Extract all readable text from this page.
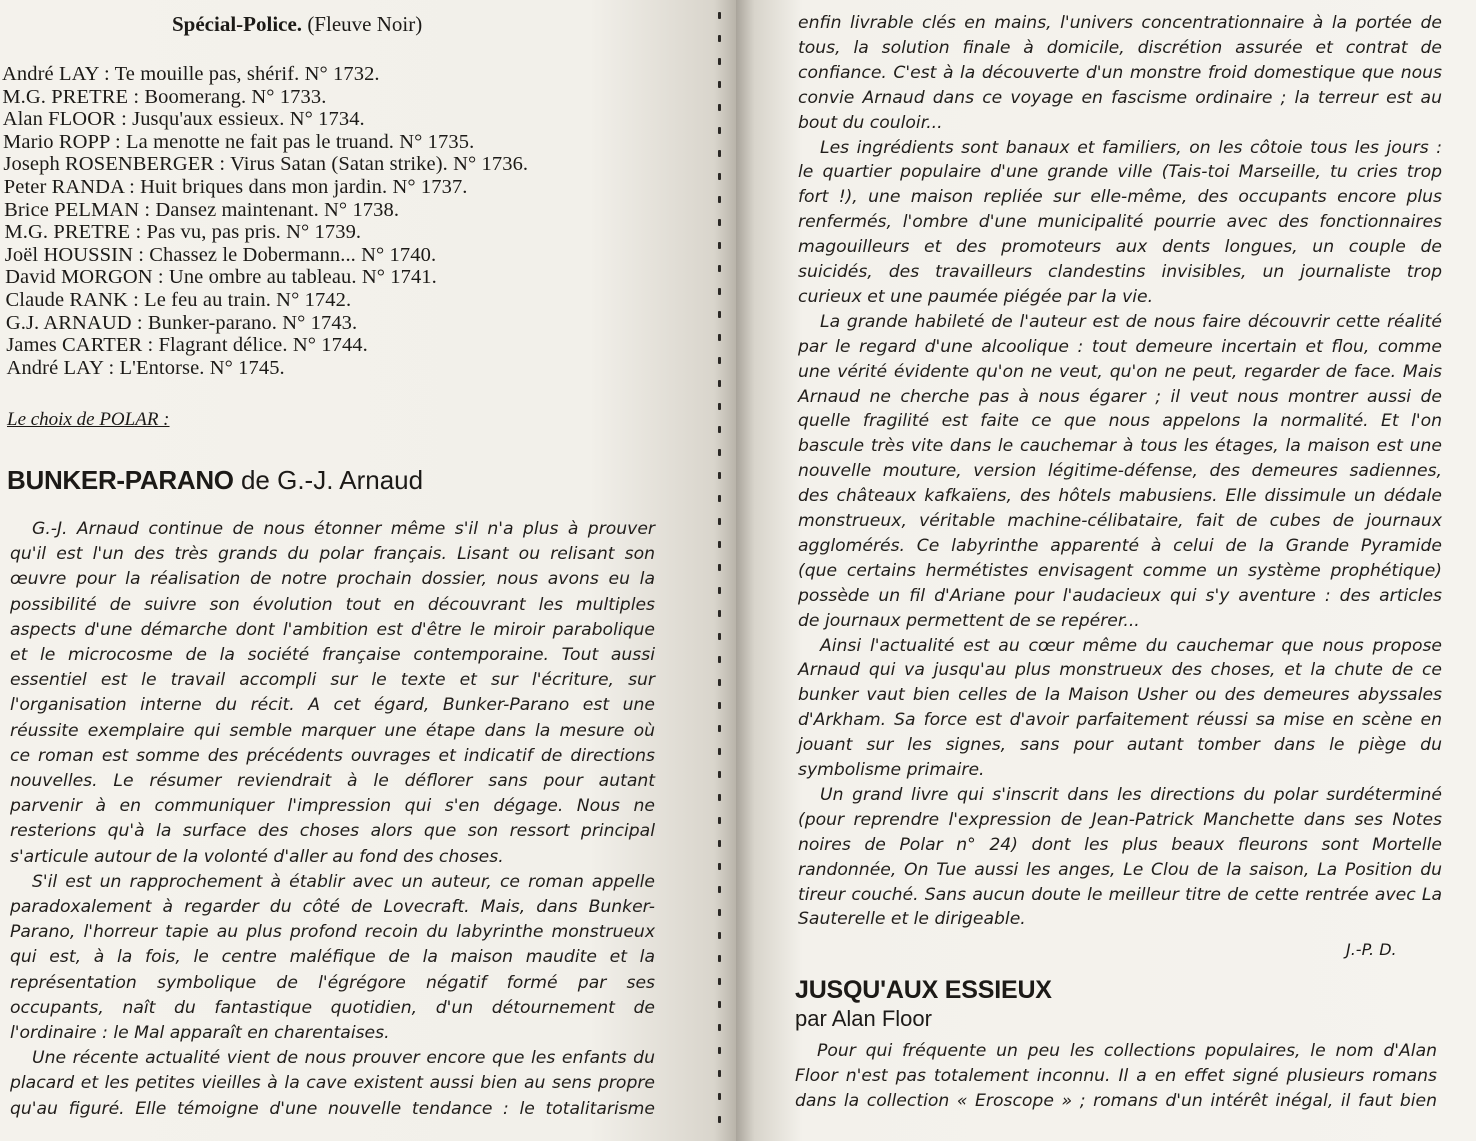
Spécial-Police. (Fleuve Noir)
André LAY : Te mouille pas, shérif. N° 1732.
M.G. PRETRE : Boomerang. N° 1733.
Alan FLOOR : Jusqu'aux essieux. N° 1734.
Mario ROPP : La menotte ne fait pas le truand. N° 1735.
Joseph ROSENBERGER : Virus Satan (Satan strike). N° 1736.
Peter RANDA : Huit briques dans mon jardin. N° 1737.
Brice PELMAN : Dansez maintenant. N° 1738.
M.G. PRETRE : Pas vu, pas pris. N° 1739.
Joël HOUSSIN : Chassez le Dobermann... N° 1740.
David MORGON : Une ombre au tableau. N° 1741.
Claude RANK : Le feu au train. N° 1742.
G.J. ARNAUD : Bunker-parano. N° 1743.
James CARTER : Flagrant délice. N° 1744.
André LAY : L'Entorse. N° 1745.
Le choix de POLAR :
BUNKER-PARANO de G.-J. Arnaud
G.-J. Arnaud continue de nous étonner même s'il n'a plus à prouver
qu'il est l'un des très grands du polar français. Lisant ou relisant son
œuvre pour la réalisation de notre prochain dossier, nous avons eu la
possibilité de suivre son évolution tout en découvrant les multiples
aspects d'une démarche dont l'ambition est d'être le miroir parabolique
et le microcosme de la société française contemporaine. Tout aussi
essentiel est le travail accompli sur le texte et sur l'écriture, sur
l'organisation interne du récit. A cet égard, Bunker-Parano est une
réussite exemplaire qui semble marquer une étape dans la mesure où
ce roman est somme des précédents ouvrages et indicatif de directions
nouvelles. Le résumer reviendrait à le déflorer sans pour autant
parvenir à en communiquer l'impression qui s'en dégage. Nous ne
resterions qu'à la surface des choses alors que son ressort principal
s'articule autour de la volonté d'aller au fond des choses.
S'il est un rapprochement à établir avec un auteur, ce roman appelle
paradoxalement à regarder du côté de Lovecraft. Mais, dans Bunker-
Parano, l'horreur tapie au plus profond recoin du labyrinthe monstrueux
qui est, à la fois, le centre maléfique de la maison maudite et la
représentation symbolique de l'égrégore négatif formé par ses
occupants, naît du fantastique quotidien, d'un détournement de
l'ordinaire : le Mal apparaît en charentaises.
Une récente actualité vient de nous prouver encore que les enfants du
placard et les petites vieilles à la cave existent aussi bien au sens propre
qu'au figuré. Elle témoigne d'une nouvelle tendance : le totalitarisme
enfin livrable clés en mains, l'univers concentrationnaire à la portée de
tous, la solution finale à domicile, discrétion assurée et contrat de
confiance. C'est à la découverte d'un monstre froid domestique que nous
convie Arnaud dans ce voyage en fascisme ordinaire ; la terreur est au
bout du couloir...
Les ingrédients sont banaux et familiers, on les côtoie tous les jours :
le quartier populaire d'une grande ville (Tais-toi Marseille, tu cries trop
fort !), une maison repliée sur elle-même, des occupants encore plus
renfermés, l'ombre d'une municipalité pourrie avec des fonctionnaires
magouilleurs et des promoteurs aux dents longues, un couple de
suicidés, des travailleurs clandestins invisibles, un journaliste trop
curieux et une paumée piégée par la vie.
La grande habileté de l'auteur est de nous faire découvrir cette réalité
par le regard d'une alcoolique : tout demeure incertain et flou, comme
une vérité évidente qu'on ne veut, qu'on ne peut, regarder de face. Mais
Arnaud ne cherche pas à nous égarer ; il veut nous montrer aussi de
quelle fragilité est faite ce que nous appelons la normalité. Et l'on
bascule très vite dans le cauchemar à tous les étages, la maison est une
nouvelle mouture, version légitime-défense, des demeures sadiennes,
des châteaux kafkaïens, des hôtels mabusiens. Elle dissimule un dédale
monstrueux, véritable machine-célibataire, fait de cubes de journaux
agglomérés. Ce labyrinthe apparenté à celui de la Grande Pyramide
(que certains hermétistes envisagent comme un système prophétique)
possède un fil d'Ariane pour l'audacieux qui s'y aventure : des articles
de journaux permettent de se repérer...
Ainsi l'actualité est au cœur même du cauchemar que nous propose
Arnaud qui va jusqu'au plus monstrueux des choses, et la chute de ce
bunker vaut bien celles de la Maison Usher ou des demeures abyssales
d'Arkham. Sa force est d'avoir parfaitement réussi sa mise en scène en
jouant sur les signes, sans pour autant tomber dans le piège du
symbolisme primaire.
Un grand livre qui s'inscrit dans les directions du polar surdéterminé
(pour reprendre l'expression de Jean-Patrick Manchette dans ses Notes
noires de Polar n° 24) dont les plus beaux fleurons sont Mortelle
randonnée, On Tue aussi les anges, Le Clou de la saison, La Position du
tireur couché. Sans aucun doute le meilleur titre de cette rentrée avec La
Sauterelle et le dirigeable.
J.-P. D.
JUSQU'AUX ESSIEUX
par Alan Floor
Pour qui fréquente un peu les collections populaires, le nom d'Alan
Floor n'est pas totalement inconnu. Il a en effet signé plusieurs romans
dans la collection « Eroscope » ; romans d'un intérêt inégal, il faut bien
